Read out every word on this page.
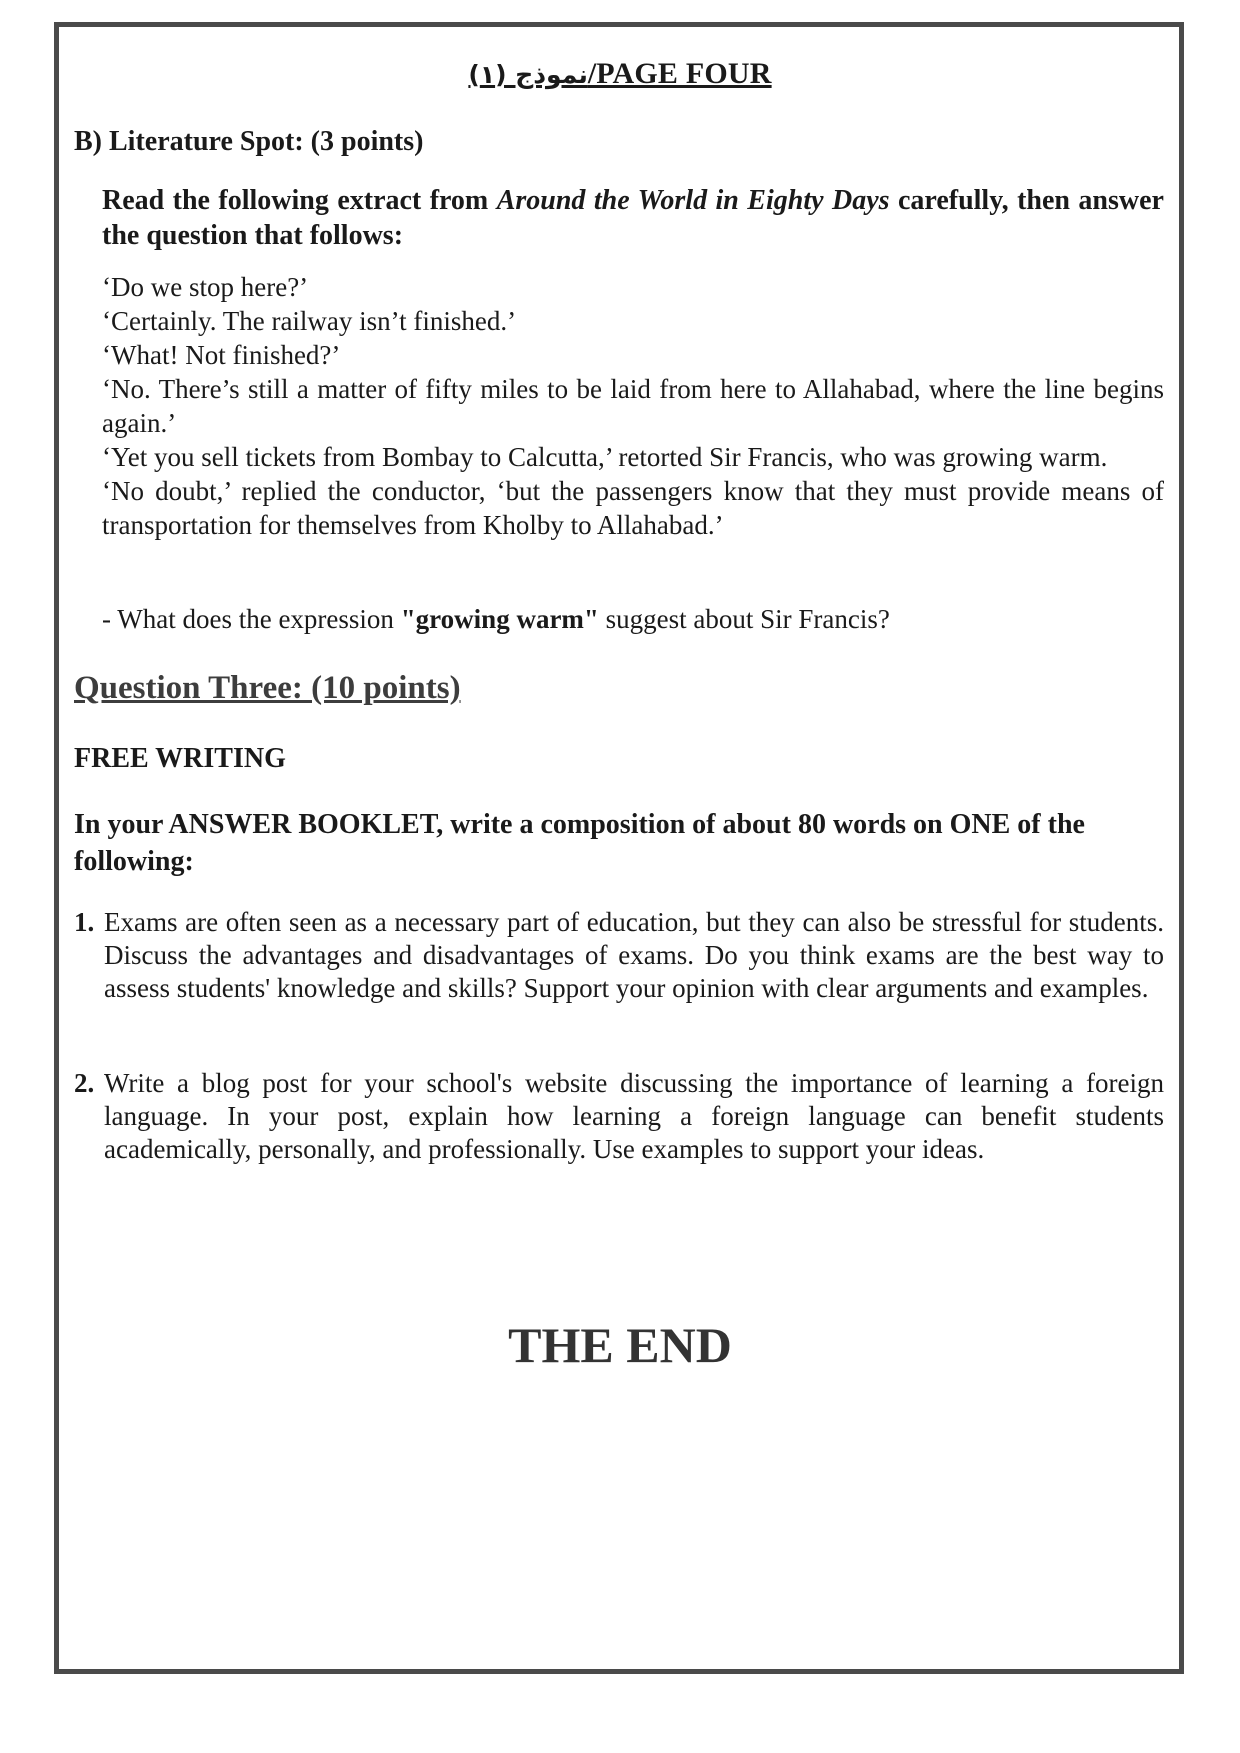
نموذج (١)/PAGE FOUR
B) Literature Spot: (3 points)
Read the following extract from Around the World in Eighty Days carefully, then answer the question that follows:

‘Do we stop here?’

‘Certainly. The railway isn’t finished.’

‘What! Not finished?’

‘No. There’s still a matter of fifty miles to be laid from here to Allahabad, where the line begins again.’

‘Yet you sell tickets from Bombay to Calcutta,’ retorted Sir Francis, who was growing warm.

‘No doubt,’ replied the conductor, ‘but the passengers know that they must provide means of transportation for themselves from Kholby to Allahabad.’

- What does the expression "growing warm" suggest about Sir Francis?
Question Three: (10 points)
FREE WRITING
In your ANSWER BOOKLET, write a composition of about 80 words on ONE of the following:
1. Exams are often seen as a necessary part of education, but they can also be stressful for students. Discuss the advantages and disadvantages of exams. Do you think exams are the best way to assess students' knowledge and skills? Support your opinion with clear arguments and examples.
2. Write a blog post for your school's website discussing the importance of learning a foreign language. In your post, explain how learning a foreign language can benefit students academically, personally, and professionally. Use examples to support your ideas.
THE END
